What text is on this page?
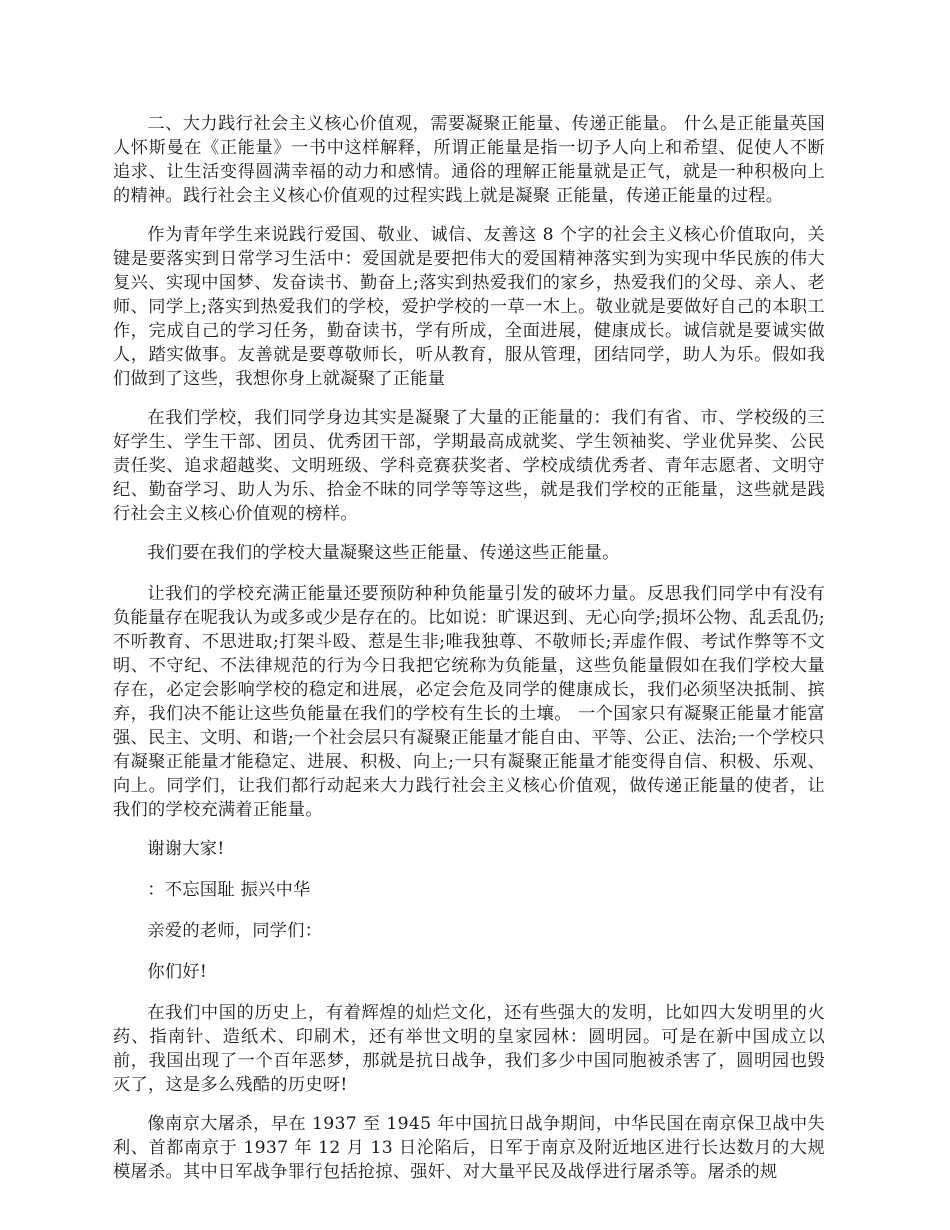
二、大力践行社会主义核心价值观，需要凝聚正能量、传递正能量。 什么是正能量英国人怀斯曼在《正能量》一书中这样解释，所谓正能量是指一切予人向上和希望、促使人不断追求、让生活变得圆满幸福的动力和感情。通俗的理解正能量就是正气，就是一种积极向上的精神。践行社会主义核心价值观的过程实践上就是凝聚 正能量，传递正能量的过程。

作为青年学生来说践行爱国、敬业、诚信、友善这 8 个字的社会主义核心价值取向，关键是要落实到日常学习生活中：爱国就是要把伟大的爱国精神落实到为实现中华民族的伟大复兴、实现中国梦、发奋读书、勤奋上;落实到热爱我们的家乡，热爱我们的父母、亲人、老师、同学上;落实到热爱我们的学校，爱护学校的一草一木上。敬业就是要做好自己的本职工作，完成自己的学习任务，勤奋读书，学有所成，全面进展，健康成长。诚信就是要诚实做人，踏实做事。友善就是要尊敬师长，听从教育，服从管理，团结同学，助人为乐。假如我们做到了这些，我想你身上就凝聚了正能量

在我们学校，我们同学身边其实是凝聚了大量的正能量的：我们有省、市、学校级的三好学生、学生干部、团员、优秀团干部，学期最高成就奖、学生领袖奖、学业优异奖、公民责任奖、追求超越奖、文明班级、学科竞赛获奖者、学校成绩优秀者、青年志愿者、文明守纪、勤奋学习、助人为乐、拾金不昧的同学等等这些，就是我们学校的正能量，这些就是践行社会主义核心价值观的榜样。

我们要在我们的学校大量凝聚这些正能量、传递这些正能量。

让我们的学校充满正能量还要预防种种负能量引发的破坏力量。反思我们同学中有没有负能量存在呢我认为或多或少是存在的。比如说：旷课迟到、无心向学;损坏公物、乱丢乱仍;不听教育、不思进取;打架斗殴、惹是生非;唯我独尊、不敬师长;弄虚作假、考试作弊等不文明、不守纪、不法律规范的行为今日我把它统称为负能量，这些负能量假如在我们学校大量存在，必定会影响学校的稳定和进展，必定会危及同学的健康成长，我们必须坚决抵制、摈弃，我们决不能让这些负能量在我们的学校有生长的土壤。 一个国家只有凝聚正能量才能富强、民主、文明、和谐;一个社会层只有凝聚正能量才能自由、平等、公正、法治;一个学校只有凝聚正能量才能稳定、进展、积极、向上;一只有凝聚正能量才能变得自信、积极、乐观、向上。同学们，让我们都行动起来大力践行社会主义核心价值观，做传递正能量的使者，让我们的学校充满着正能量。

谢谢大家!

：不忘国耻 振兴中华

亲爱的老师，同学们：

你们好!

在我们中国的历史上，有着辉煌的灿烂文化，还有些强大的发明，比如四大发明里的火药、指南针、造纸术、印刷术，还有举世文明的皇家园林：圆明园。可是在新中国成立以前，我国出现了一个百年恶梦，那就是抗日战争，我们多少中国同胞被杀害了，圆明园也毁灭了，这是多么残酷的历史呀!

像南京大屠杀，早在 1937 至 1945 年中国抗日战争期间，中华民国在南京保卫战中失利、首都南京于 1937 年 12 月 13 日沦陷后，日军于南京及附近地区进行长达数月的大规模屠杀。其中日军战争罪行包括抢掠、强奸、对大量平民及战俘进行屠杀等。屠杀的规
